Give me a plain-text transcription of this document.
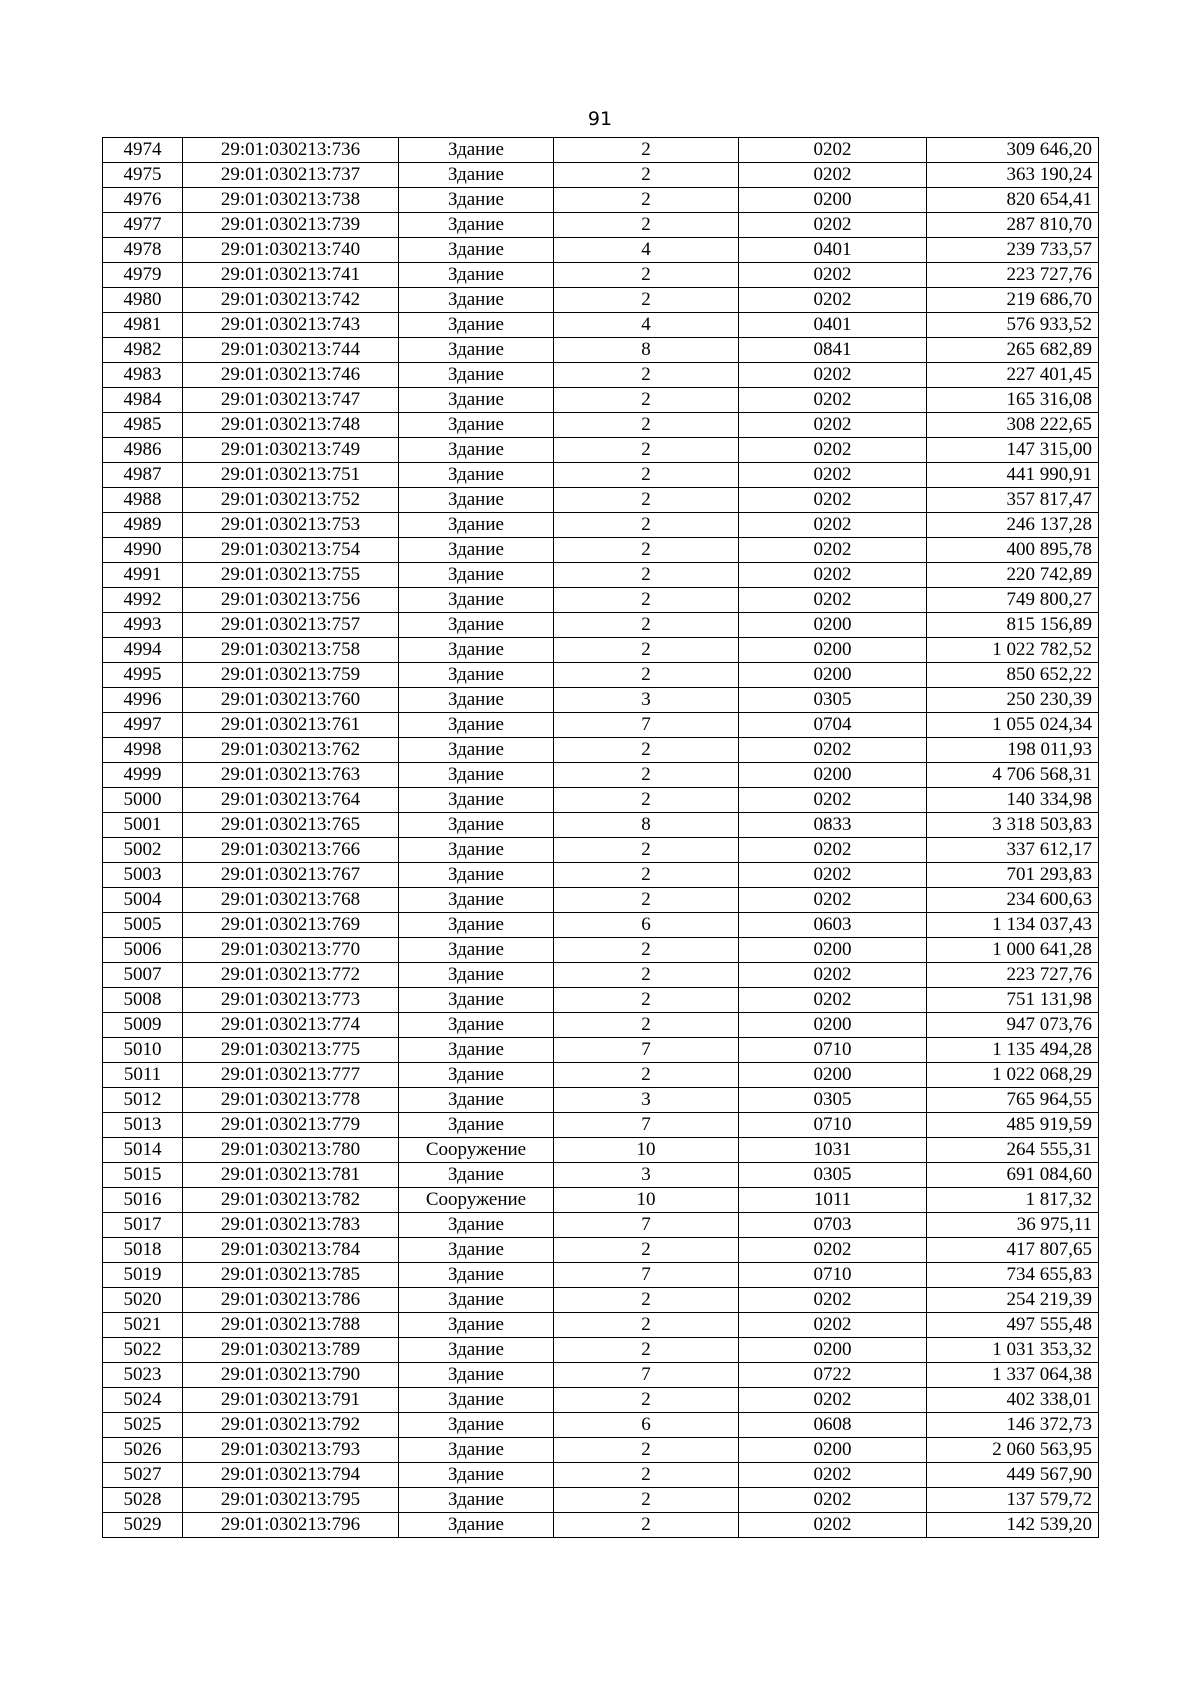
91
4974	29:01:030213:736	Здание	2	0202	309 646,20
4975	29:01:030213:737	Здание	2	0202	363 190,24
4976	29:01:030213:738	Здание	2	0200	820 654,41
4977	29:01:030213:739	Здание	2	0202	287 810,70
4978	29:01:030213:740	Здание	4	0401	239 733,57
4979	29:01:030213:741	Здание	2	0202	223 727,76
4980	29:01:030213:742	Здание	2	0202	219 686,70
4981	29:01:030213:743	Здание	4	0401	576 933,52
4982	29:01:030213:744	Здание	8	0841	265 682,89
4983	29:01:030213:746	Здание	2	0202	227 401,45
4984	29:01:030213:747	Здание	2	0202	165 316,08
4985	29:01:030213:748	Здание	2	0202	308 222,65
4986	29:01:030213:749	Здание	2	0202	147 315,00
4987	29:01:030213:751	Здание	2	0202	441 990,91
4988	29:01:030213:752	Здание	2	0202	357 817,47
4989	29:01:030213:753	Здание	2	0202	246 137,28
4990	29:01:030213:754	Здание	2	0202	400 895,78
4991	29:01:030213:755	Здание	2	0202	220 742,89
4992	29:01:030213:756	Здание	2	0202	749 800,27
4993	29:01:030213:757	Здание	2	0200	815 156,89
4994	29:01:030213:758	Здание	2	0200	1 022 782,52
4995	29:01:030213:759	Здание	2	0200	850 652,22
4996	29:01:030213:760	Здание	3	0305	250 230,39
4997	29:01:030213:761	Здание	7	0704	1 055 024,34
4998	29:01:030213:762	Здание	2	0202	198 011,93
4999	29:01:030213:763	Здание	2	0200	4 706 568,31
5000	29:01:030213:764	Здание	2	0202	140 334,98
5001	29:01:030213:765	Здание	8	0833	3 318 503,83
5002	29:01:030213:766	Здание	2	0202	337 612,17
5003	29:01:030213:767	Здание	2	0202	701 293,83
5004	29:01:030213:768	Здание	2	0202	234 600,63
5005	29:01:030213:769	Здание	6	0603	1 134 037,43
5006	29:01:030213:770	Здание	2	0200	1 000 641,28
5007	29:01:030213:772	Здание	2	0202	223 727,76
5008	29:01:030213:773	Здание	2	0202	751 131,98
5009	29:01:030213:774	Здание	2	0200	947 073,76
5010	29:01:030213:775	Здание	7	0710	1 135 494,28
5011	29:01:030213:777	Здание	2	0200	1 022 068,29
5012	29:01:030213:778	Здание	3	0305	765 964,55
5013	29:01:030213:779	Здание	7	0710	485 919,59
5014	29:01:030213:780	Сооружение	10	1031	264 555,31
5015	29:01:030213:781	Здание	3	0305	691 084,60
5016	29:01:030213:782	Сооружение	10	1011	1 817,32
5017	29:01:030213:783	Здание	7	0703	36 975,11
5018	29:01:030213:784	Здание	2	0202	417 807,65
5019	29:01:030213:785	Здание	7	0710	734 655,83
5020	29:01:030213:786	Здание	2	0202	254 219,39
5021	29:01:030213:788	Здание	2	0202	497 555,48
5022	29:01:030213:789	Здание	2	0200	1 031 353,32
5023	29:01:030213:790	Здание	7	0722	1 337 064,38
5024	29:01:030213:791	Здание	2	0202	402 338,01
5025	29:01:030213:792	Здание	6	0608	146 372,73
5026	29:01:030213:793	Здание	2	0200	2 060 563,95
5027	29:01:030213:794	Здание	2	0202	449 567,90
5028	29:01:030213:795	Здание	2	0202	137 579,72
5029	29:01:030213:796	Здание	2	0202	142 539,20
